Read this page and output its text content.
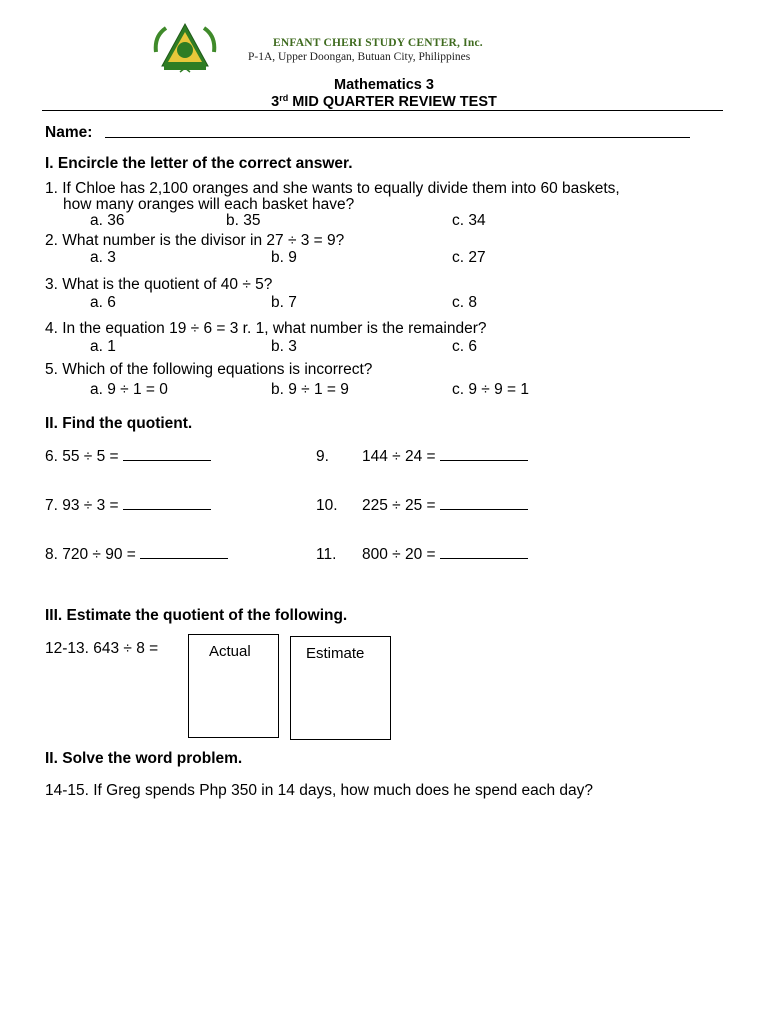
ENFANT CHERI STUDY CENTER, Inc.
P-1A, Upper Doongan, Butuan City, Philippines
Mathematics 3
3rd MID QUARTER REVIEW TEST
Name:
I. Encircle the letter of the correct answer.
1. If Chloe has 2,100 oranges and she wants to equally divide them into 60 baskets,
how many oranges will each basket have?
a. 36	b. 35	c. 34
2. What number is the divisor in 27 ÷ 3 = 9?
a. 3	b. 9	c. 27
3. What is the quotient of 40 ÷ 5?
a. 6	b. 7	c. 8
4. In the equation 19 ÷ 6 = 3 r. 1, what number is the remainder?
a. 1	b. 3	c. 6
5. Which of the following equations is incorrect?
a. 9 ÷ 1 = 0	b. 9 ÷ 1 = 9	c. 9 ÷ 9 = 1
II. Find the quotient.
6. 55 ÷ 5 =	9. 144 ÷ 24 =
7. 93 ÷ 3 =	10. 225 ÷ 25 =
8. 720 ÷ 90 =	11. 800 ÷ 20 =
III. Estimate the quotient of the following.
12-13. 643 ÷ 8 =	Actual	Estimate
II. Solve the word problem.
14-15. If Greg spends Php 350 in 14 days, how much does he spend each day?
